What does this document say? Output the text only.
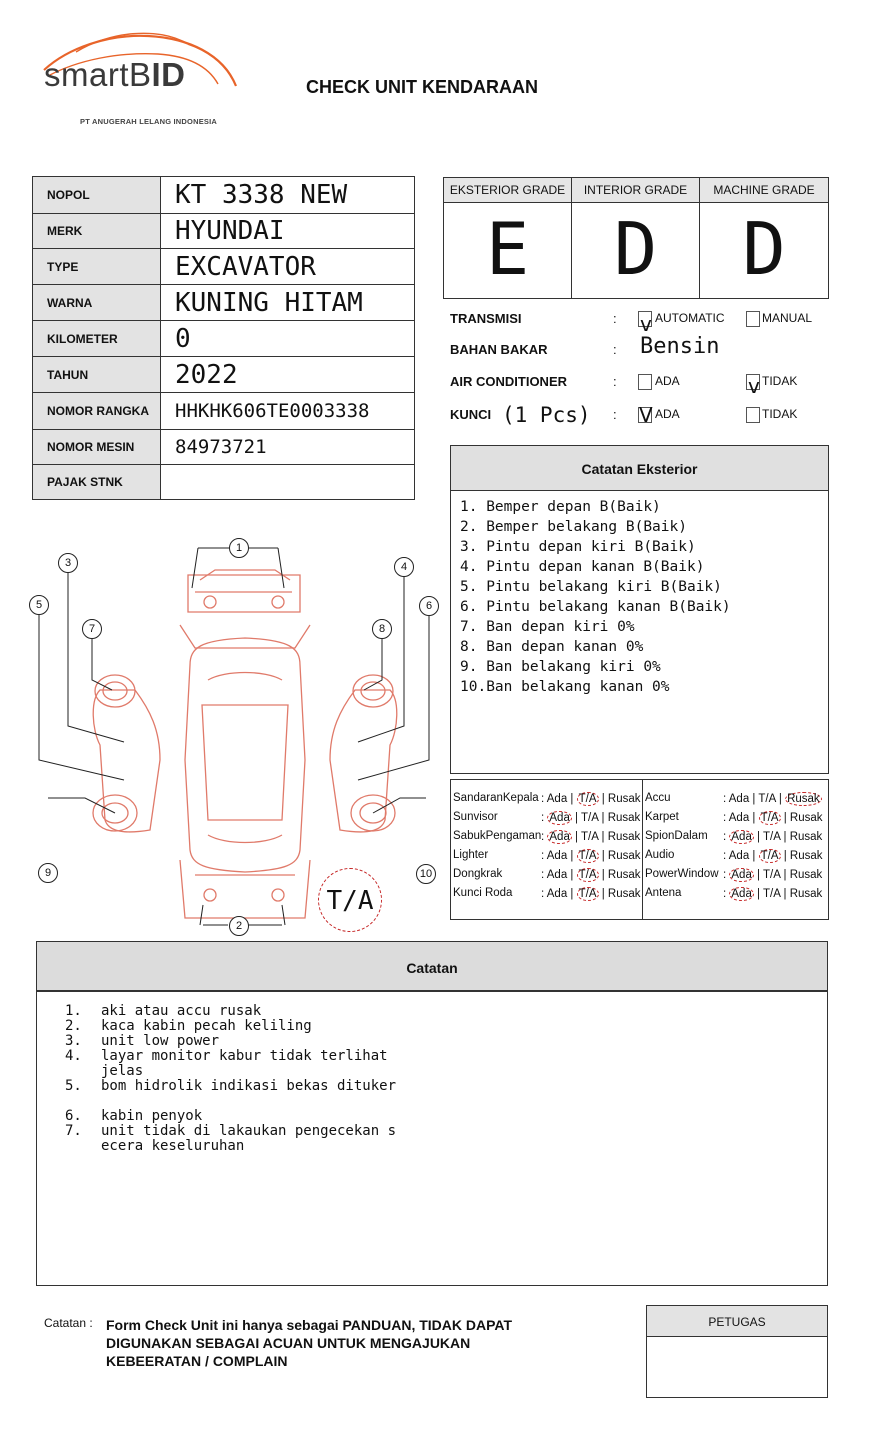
smartBID
PT ANUGERAH LELANG INDONESIA
CHECK UNIT KENDARAAN
NOPOL	KT 3338 NEW
MERK	HYUNDAI
TYPE	EXCAVATOR
WARNA	KUNING HITAM
KILOMETER	0
TAHUN	2022
NOMOR RANGKA	HHKHK606TE0003338
NOMOR MESIN	84973721
PAJAK STNK	
EKSTERIOR GRADE
E
INTERIOR GRADE
D
MACHINE GRADE
D
TRANSMISI	: v AUTOMATIC	MANUAL
BAHAN BAKAR	: Bensin
AIR CONDITIONER	:	ADA	v TIDAK
KUNCI (1 Pcs) : V ADA	TIDAK
Catatan Eksterior
1. Bemper depan B(Baik)
2. Bemper belakang B(Baik)
3. Pintu depan kiri B(Baik)
4. Pintu depan kanan B(Baik)
5. Pintu belakang kiri B(Baik)
6. Pintu belakang kanan B(Baik)
7. Ban depan kiri 0%
8. Ban depan kanan 0%
9. Ban belakang kiri 0%
10.Ban belakang kanan 0%
SandaranKepala : Ada | T/A | Rusak
Sunvisor	: Ada | T/A | Rusak
SabukPengaman : Ada | T/A | Rusak
Lighter	: Ada | T/A | Rusak
Dongkrak	: Ada | T/A | Rusak
Kunci Roda : Ada | T/A | Rusak
Accu	: Ada | T/A | Rusak
Karpet	: Ada | T/A | Rusak
SpionDalam : Ada | T/A | Rusak
Audio	: Ada | T/A | Rusak
PowerWindow : Ada | T/A | Rusak
Antena	: Ada | T/A | Rusak
1
2
3	4
5	6
7	8
9	10
T/A
Catatan
1.	aki atau accu rusak
2.	kaca kabin pecah keliling
3.	unit low power
4.	layar monitor kabur tidak terlihat
jelas
5.	bom hidrolik indikasi bekas dituker

6.	kabin penyok
7.	unit tidak di lakaukan pengecekan s
ecera keseluruhan
Catatan : Form Check Unit ini hanya sebagai PANDUAN, TIDAK DAPAT DIGUNAKAN SEBAGAI ACUAN UNTUK MENGAJUKAN KEBEERATAN / COMPLAIN
PETUGAS
